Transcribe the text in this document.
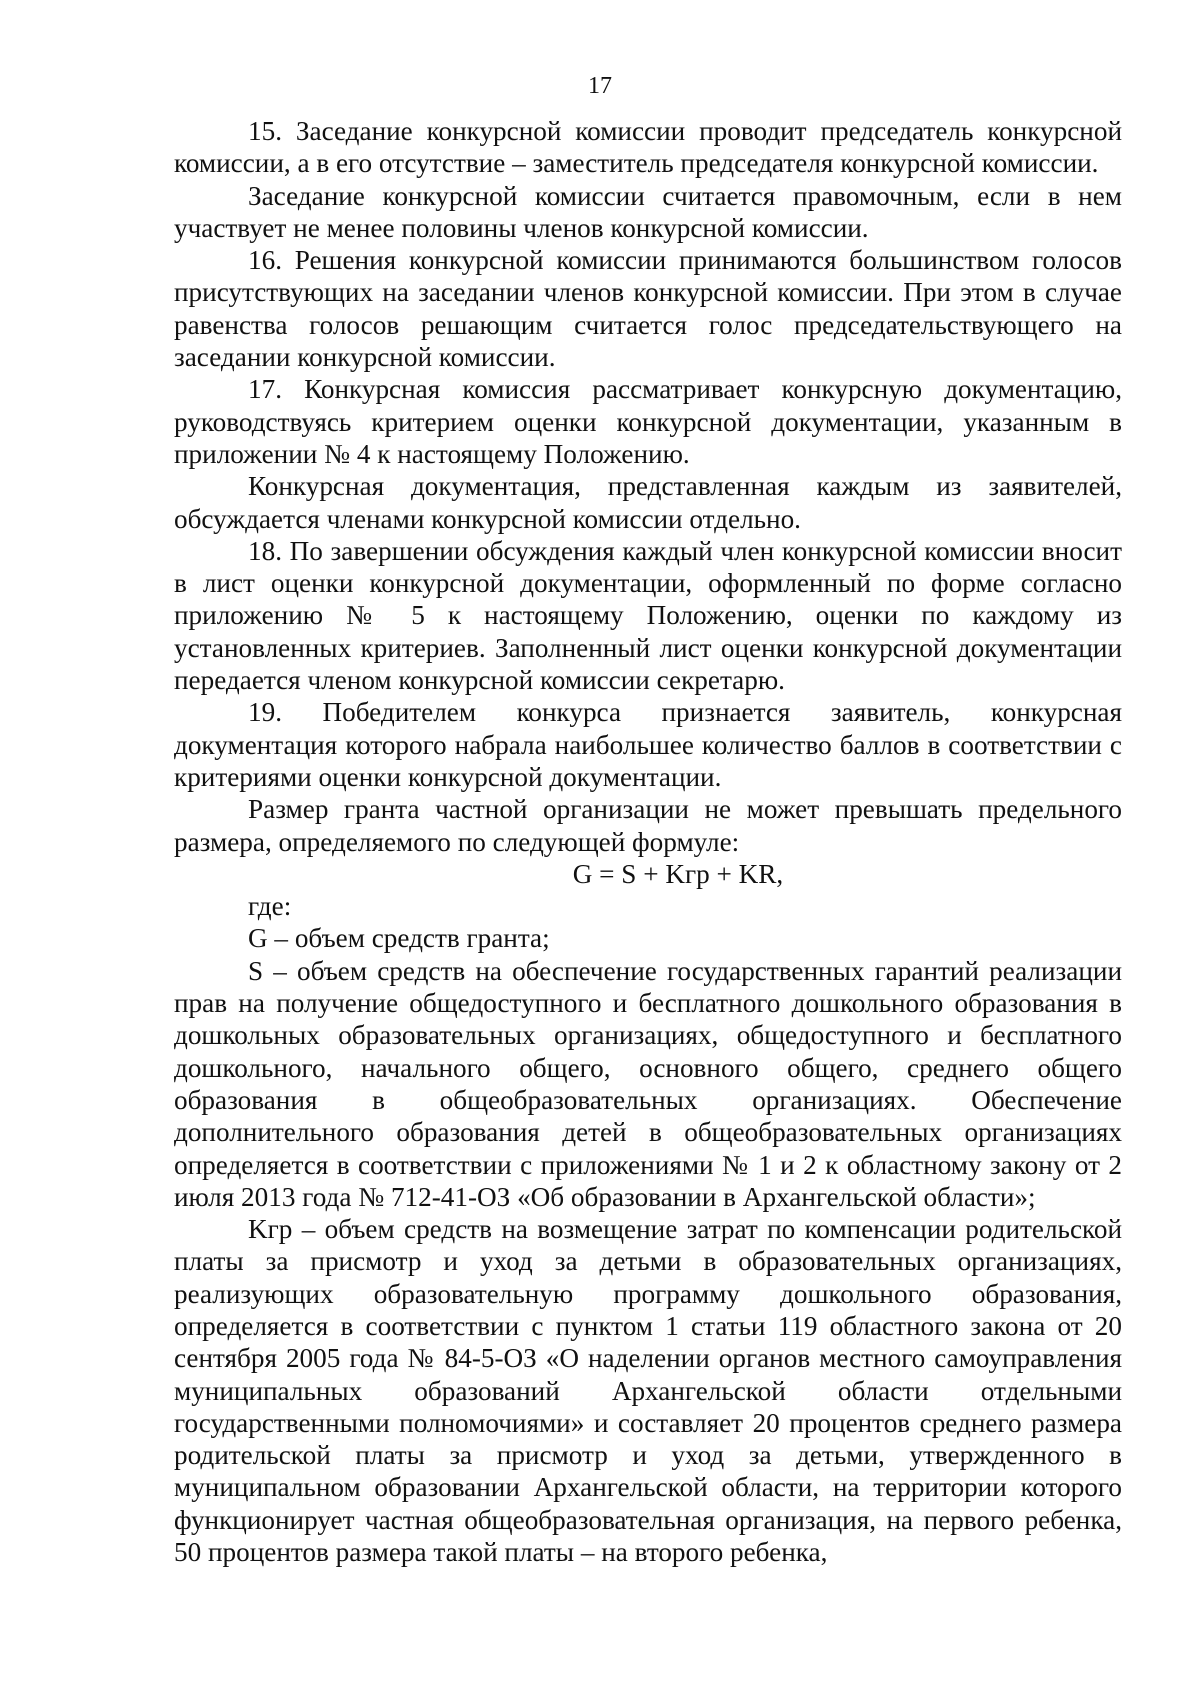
17

15. Заседание конкурсной комиссии проводит председатель конкурсной комиссии, а в его отсутствие – заместитель председателя конкурсной комиссии.

Заседание конкурсной комиссии считается правомочным, если в нем участвует не менее половины членов конкурсной комиссии.

16. Решения конкурсной комиссии принимаются большинством голосов присутствующих на заседании членов конкурсной комиссии. При этом в случае равенства голосов решающим считается голос председательствующего на заседании конкурсной комиссии.

17. Конкурсная комиссия рассматривает конкурсную документацию, руководствуясь критерием оценки конкурсной документации, указанным в приложении № 4 к настоящему Положению.

Конкурсная документация, представленная каждым из заявителей, обсуждается членами конкурсной комиссии отдельно.

18. По завершении обсуждения каждый член конкурсной комиссии вносит в лист оценки конкурсной документации, оформленный по форме согласно приложению № 5 к настоящему Положению, оценки по каждому из установленных критериев. Заполненный лист оценки конкурсной документации передается членом конкурсной комиссии секретарю.

19. Победителем конкурса признается заявитель, конкурсная документация которого набрала наибольшее количество баллов в соответствии с критериями оценки конкурсной документации.

Размер гранта частной организации не может превышать предельного размера, определяемого по следующей формуле:

G = S + Kгр + KR,

где:

G – объем средств гранта;

S – объем средств на обеспечение государственных гарантий реализации прав на получение общедоступного и бесплатного дошкольного образования в дошкольных образовательных организациях, общедоступного и бесплатного дошкольного, начального общего, основного общего, среднего общего образования в общеобразовательных организациях. Обеспечение дополнительного образования детей в общеобразовательных организациях определяется в соответствии с приложениями № 1 и 2 к областному закону от 2 июля 2013 года № 712-41-ОЗ «Об образовании в Архангельской области»;

Kгр – объем средств на возмещение затрат по компенсации родительской платы за присмотр и уход за детьми в образовательных организациях, реализующих образовательную программу дошкольного образования, определяется в соответствии с пунктом 1 статьи 119 областного закона от 20 сентября 2005 года № 84-5-ОЗ «О наделении органов местного самоуправления муниципальных образований Архангельской области отдельными государственными полномочиями» и составляет 20 процентов среднего размера родительской платы за присмотр и уход за детьми, утвержденного в муниципальном образовании Архангельской области, на территории которого функционирует частная общеобразовательная организация, на первого ребенка, 50 процентов размера такой платы – на второго ребенка,
